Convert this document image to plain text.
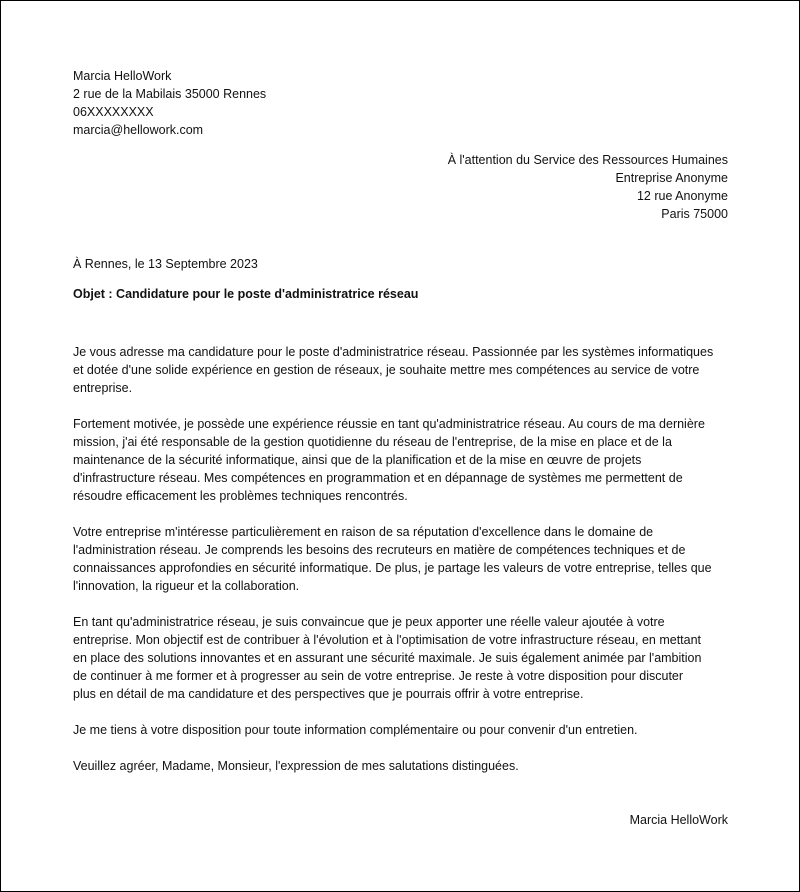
Marcia HelloWork
2 rue de la Mabilais 35000 Rennes
06XXXXXXXX
marcia@hellowork.com
À l'attention du Service des Ressources Humaines
Entreprise Anonyme
12 rue Anonyme
Paris 75000
À Rennes, le 13 Septembre 2023
Objet : Candidature pour le poste d'administratrice réseau

Je vous adresse ma candidature pour le poste d'administratrice réseau. Passionnée par les systèmes informatiques
et dotée d'une solide expérience en gestion de réseaux, je souhaite mettre mes compétences au service de votre
entreprise.

Fortement motivée, je possède une expérience réussie en tant qu'administratrice réseau. Au cours de ma dernière
mission, j'ai été responsable de la gestion quotidienne du réseau de l'entreprise, de la mise en place et de la
maintenance de la sécurité informatique, ainsi que de la planification et de la mise en œuvre de projets
d'infrastructure réseau. Mes compétences en programmation et en dépannage de systèmes me permettent de
résoudre efficacement les problèmes techniques rencontrés.

Votre entreprise m'intéresse particulièrement en raison de sa réputation d'excellence dans le domaine de
l'administration réseau. Je comprends les besoins des recruteurs en matière de compétences techniques et de
connaissances approfondies en sécurité informatique. De plus, je partage les valeurs de votre entreprise, telles que
l'innovation, la rigueur et la collaboration.

En tant qu'administratrice réseau, je suis convaincue que je peux apporter une réelle valeur ajoutée à votre
entreprise. Mon objectif est de contribuer à l'évolution et à l'optimisation de votre infrastructure réseau, en mettant
en place des solutions innovantes et en assurant une sécurité maximale. Je suis également animée par l'ambition
de continuer à me former et à progresser au sein de votre entreprise. Je reste à votre disposition pour discuter
plus en détail de ma candidature et des perspectives que je pourrais offrir à votre entreprise.

Je me tiens à votre disposition pour toute information complémentaire ou pour convenir d'un entretien.

Veuillez agréer, Madame, Monsieur, l'expression de mes salutations distinguées.

Marcia HelloWork
